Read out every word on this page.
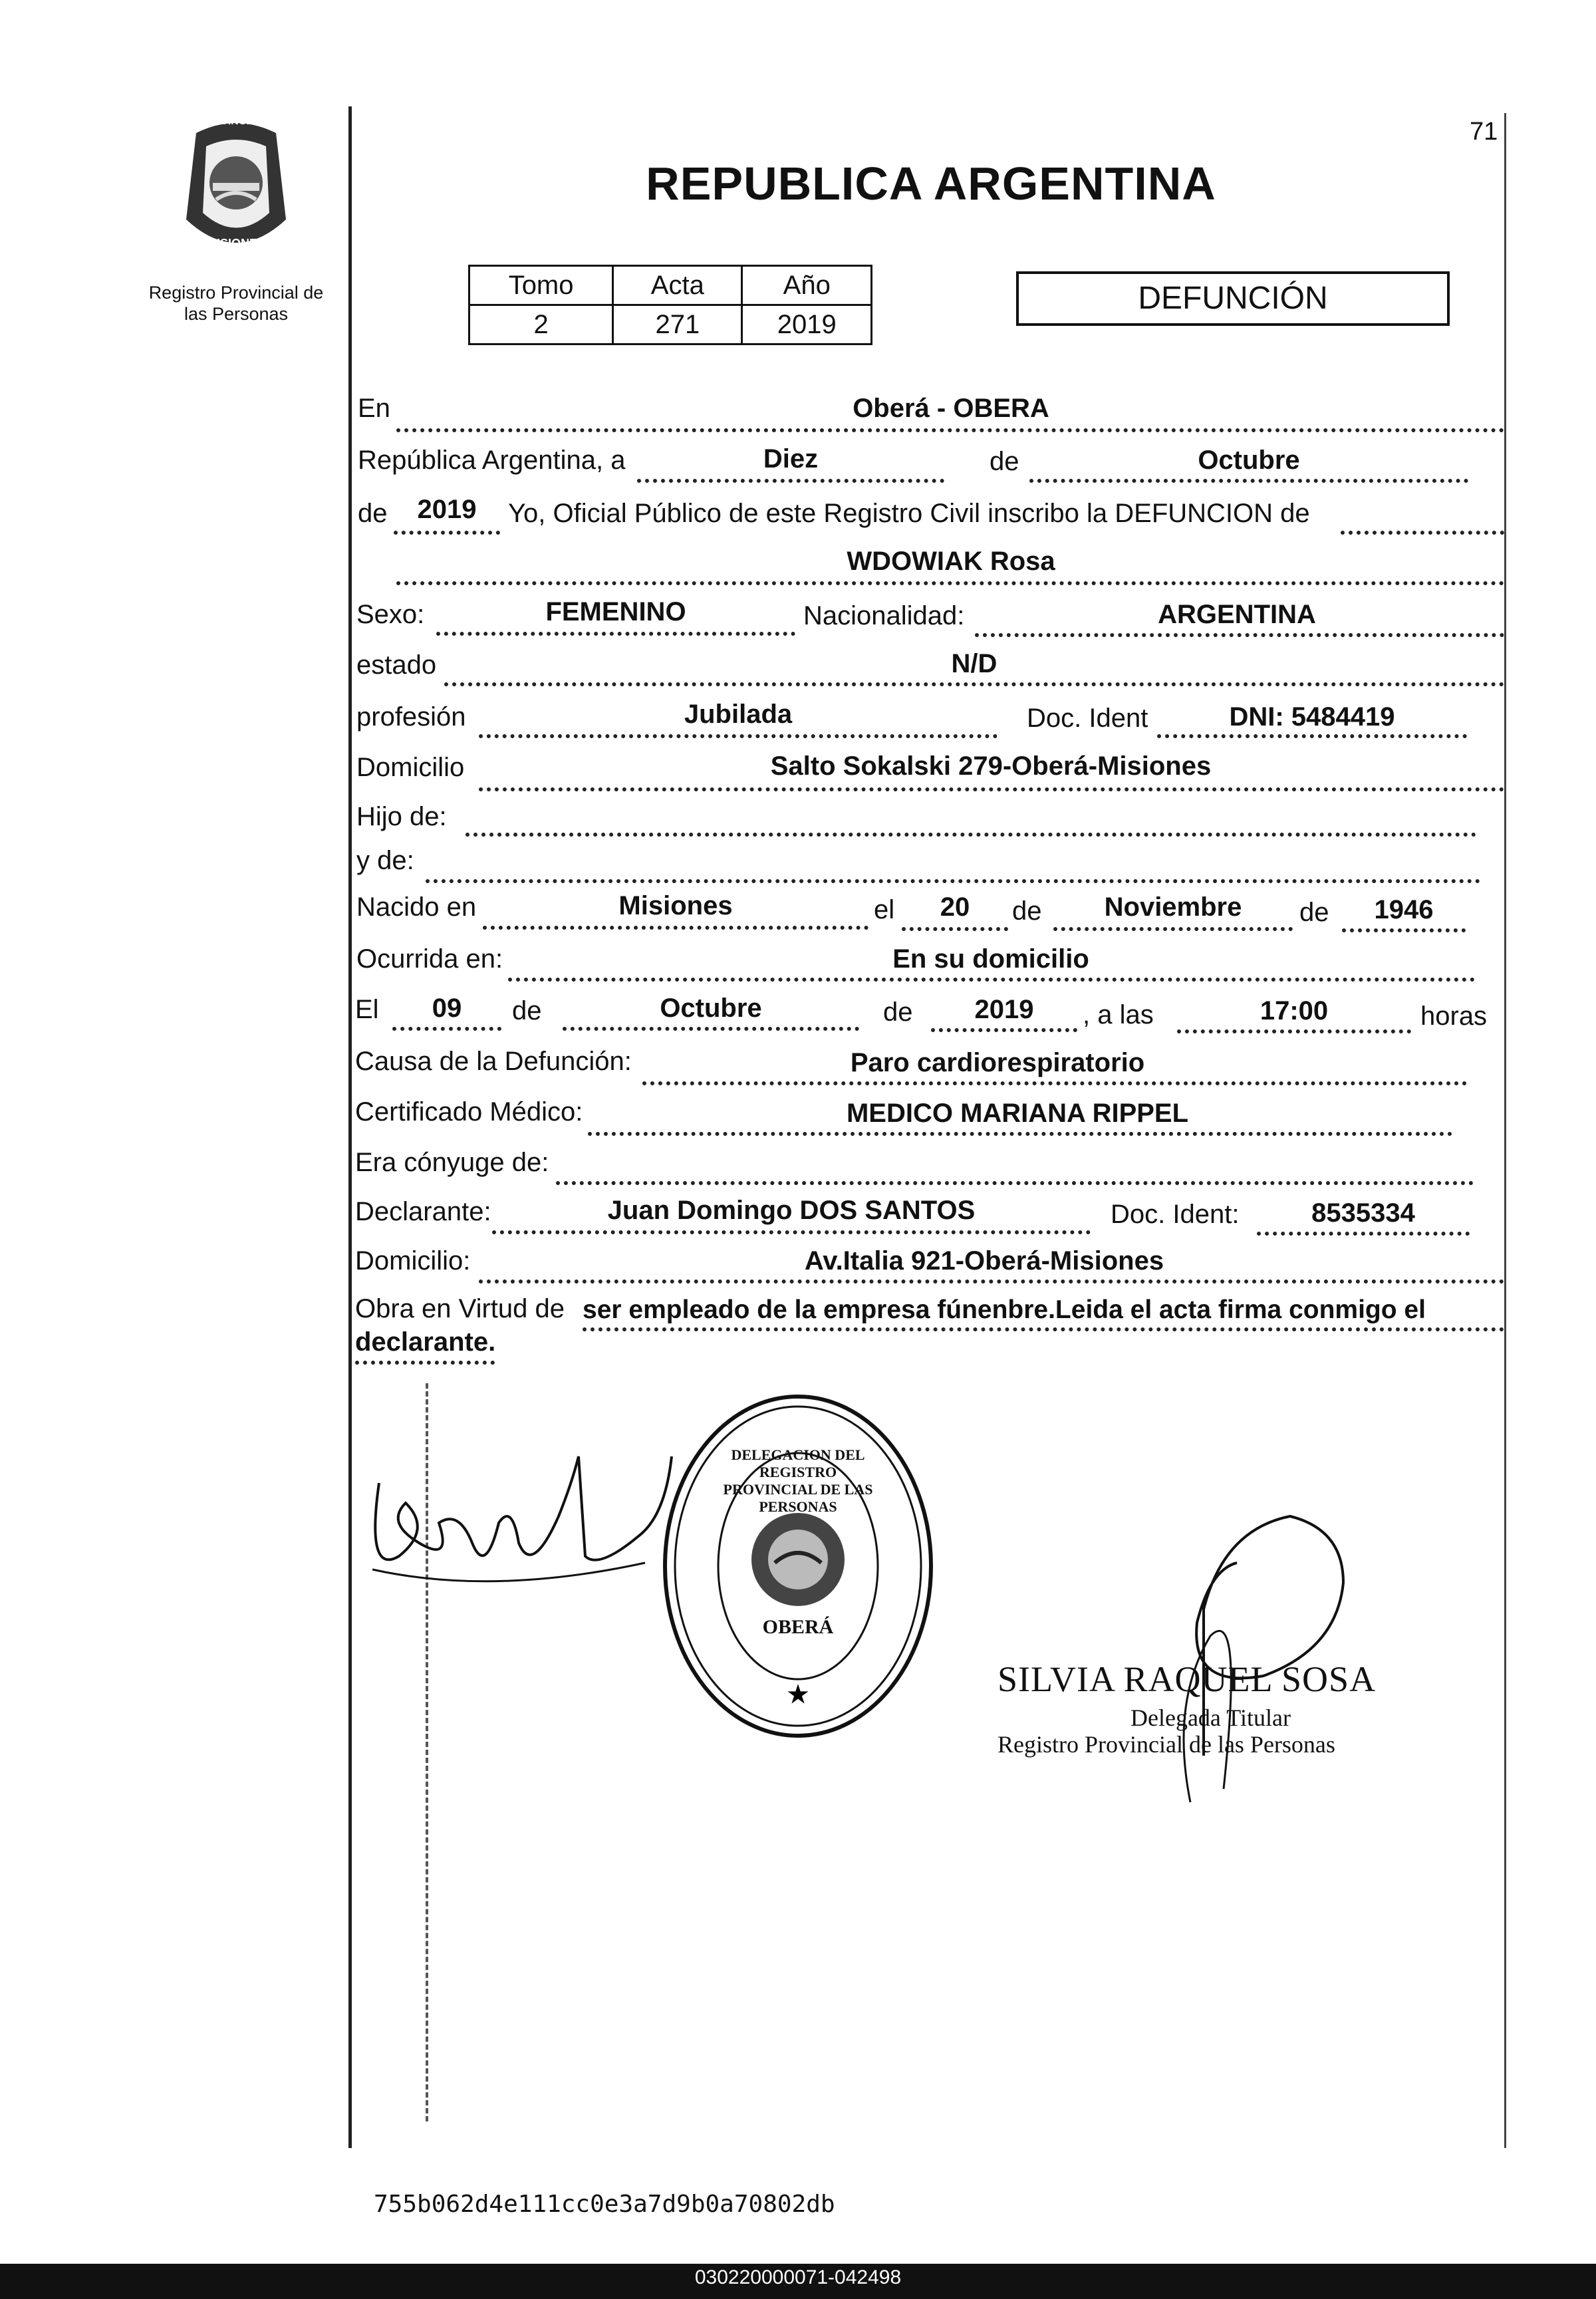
71
PROVINCIA DE
MISIONES
Registro Provincial de
las Personas
REPUBLICA ARGENTINA
Tomo	Acta	Año
2	271	2019
DEFUNCIÓN
En	Oberá - OBERA
República Argentina, a	Diez	de	Octubre
de	2019	Yo, Oficial Público de este Registro Civil inscribo la DEFUNCION de
WDOWIAK Rosa
Sexo:	FEMENINO	Nacionalidad:	ARGENTINA
estado	N/D
profesión	Jubilada	Doc. Ident	DNI: 5484419
Domicilio	Salto Sokalski 279-Oberá-Misiones
Hijo de:
y de:
Nacido en	Misiones	el	20	de	Noviembre	de	1946
Ocurrida en:	En su domicilio
El	09	de	Octubre	de	2019	, a las	17:00	horas
Causa de la Defunción:	Paro cardiorespiratorio
Certificado Médico:	MEDICO MARIANA RIPPEL
Era cónyuge de:
Declarante:	Juan Domingo DOS SANTOS	Doc. Ident:	8535334
Domicilio:	Av.Italia 921-Oberá-Misiones
Obra en Virtud de ser empleado de la empresa fúnenbre.Leida el acta firma conmigo el
declarante.
★
DELEGACION DEL REGISTRO PROVINCIAL DE LAS PERSONAS
OBERÁ
SILVIA RAQUEL SOSA
Delegada Titular
Registro Provincial de las Personas
755b062d4e111cc0e3a7d9b0a70802db
030220000071-042498
